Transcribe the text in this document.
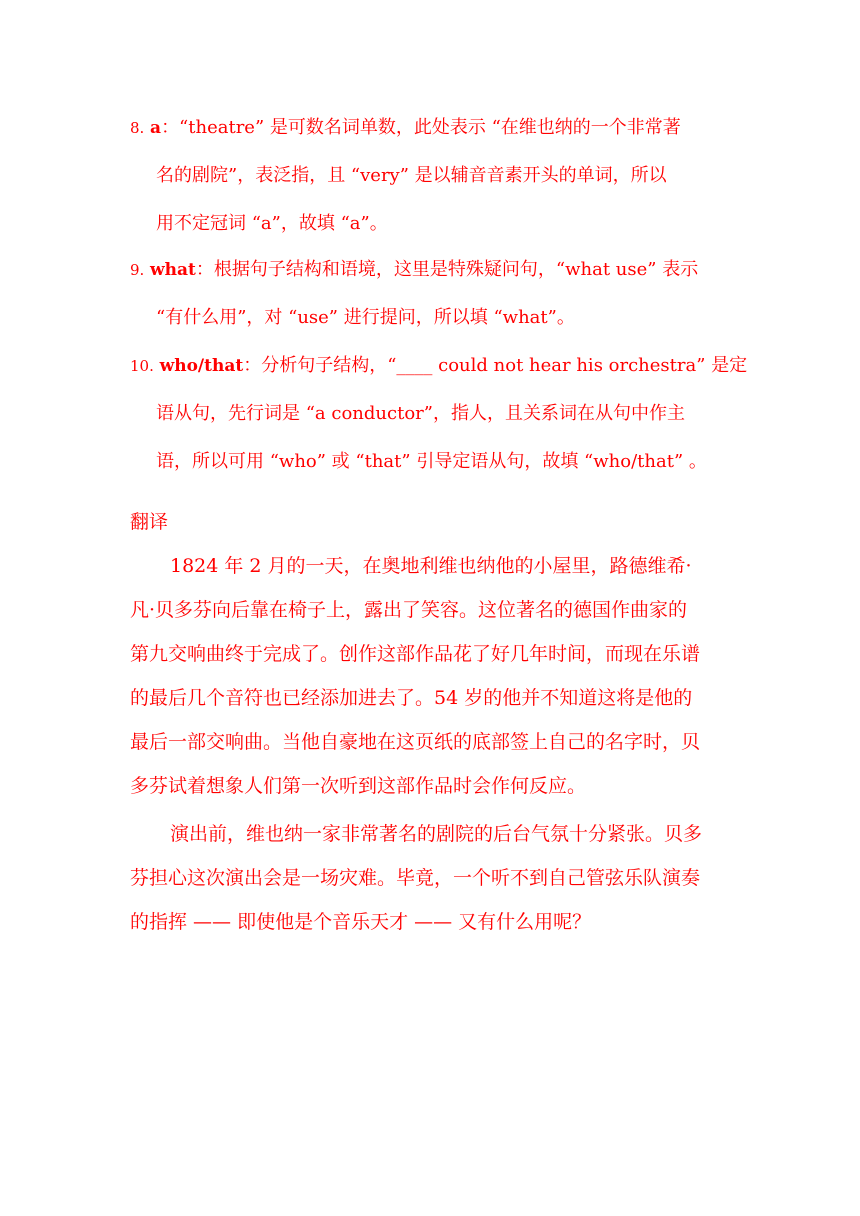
8. a：“theatre” 是可数名词单数，此处表示 “在维也纳的一个非常著
名的剧院”，表泛指，且 “very” 是以辅音音素开头的单词，所以
用不定冠词 “a”，故填 “a”。
9. what：根据句子结构和语境，这里是特殊疑问句，“what use” 表示
“有什么用”，对 “use” 进行提问，所以填 “what”。
10. who/that：分析句子结构，“____ could not hear his orchestra” 是定
语从句，先行词是 “a conductor”，指人，且关系词在从句中作主
语，所以可用 “who” 或 “that” 引导定语从句，故填 “who/that” 。
翻译
1824 年 2 月的一天，在奥地利维也纳他的小屋里，路德维希·
凡·贝多芬向后靠在椅子上，露出了笑容。这位著名的德国作曲家的
第九交响曲终于完成了。创作这部作品花了好几年时间，而现在乐谱
的最后几个音符也已经添加进去了。54 岁的他并不知道这将是他的
最后一部交响曲。当他自豪地在这页纸的底部签上自己的名字时，贝
多芬试着想象人们第一次听到这部作品时会作何反应。
演出前，维也纳一家非常著名的剧院的后台气氛十分紧张。贝多
芬担心这次演出会是一场灾难。毕竟，一个听不到自己管弦乐队演奏
的指挥 —— 即使他是个音乐天才 —— 又有什么用呢？
